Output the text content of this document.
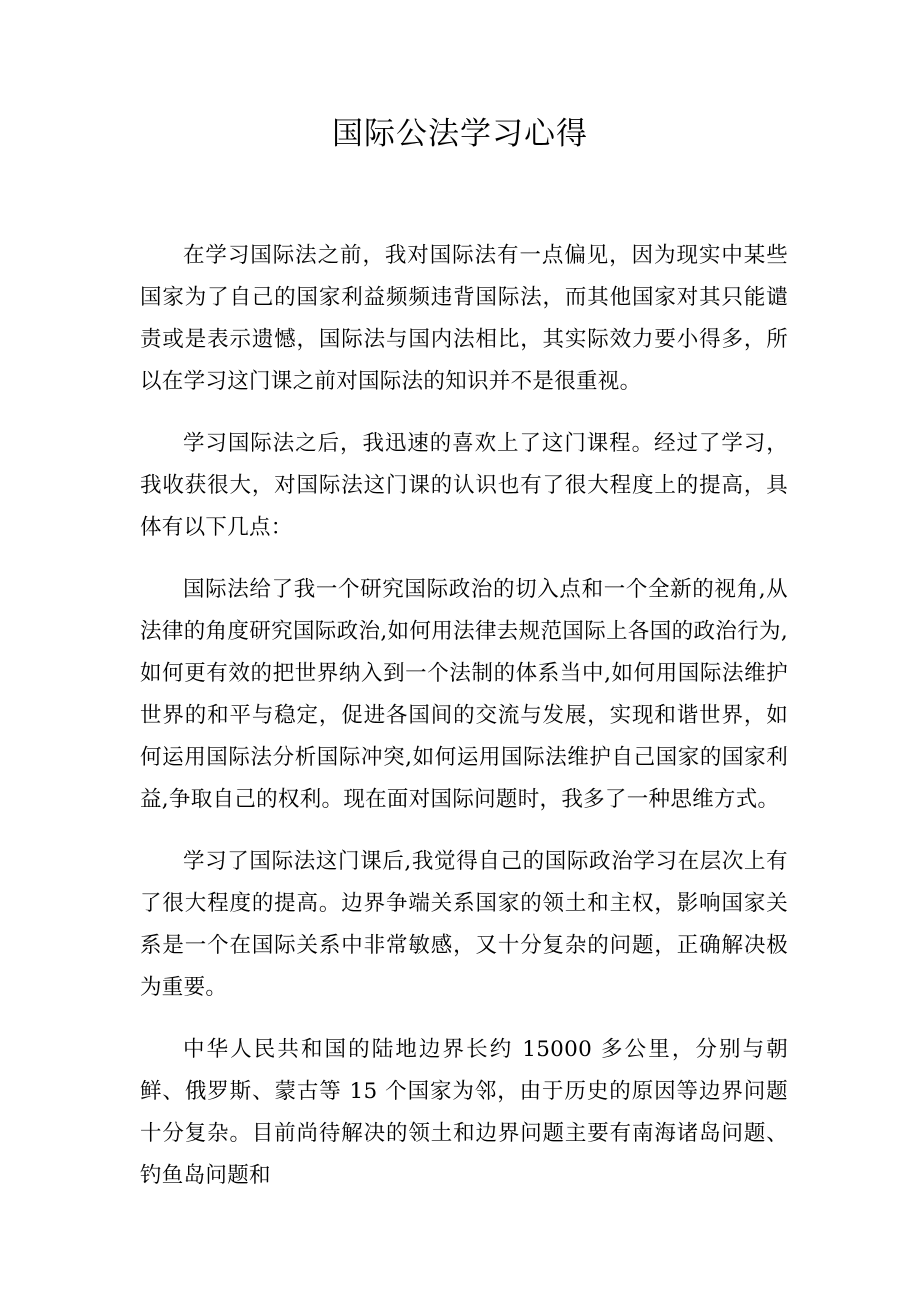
国际公法学习心得

在学习国际法之前，我对国际法有一点偏见，因为现实中某些国家为了自己的国家利益频频违背国际法，而其他国家对其只能谴责或是表示遗憾，国际法与国内法相比，其实际效力要小得多，所以在学习这门课之前对国际法的知识并不是很重视。

学习国际法之后，我迅速的喜欢上了这门课程。经过了学习，我收获很大，对国际法这门课的认识也有了很大程度上的提高，具体有以下几点：

国际法给了我一个研究国际政治的切入点和一个全新的视角,从法律的角度研究国际政治,如何用法律去规范国际上各国的政治行为,如何更有效的把世界纳入到一个法制的体系当中,如何用国际法维护世界的和平与稳定，促进各国间的交流与发展，实现和谐世界，如何运用国际法分析国际冲突,如何运用国际法维护自己国家的国家利益,争取自己的权利。现在面对国际问题时，我多了一种思维方式。

学习了国际法这门课后,我觉得自己的国际政治学习在层次上有了很大程度的提高。边界争端关系国家的领土和主权，影响国家关系是一个在国际关系中非常敏感，又十分复杂的问题，正确解决极为重要。

中华人民共和国的陆地边界长约 15000 多公里，分别与朝鲜、俄罗斯、蒙古等 15 个国家为邻，由于历史的原因等边界问题十分复杂。目前尚待解决的领土和边界问题主要有南海诸岛问题、钓鱼岛问题和
